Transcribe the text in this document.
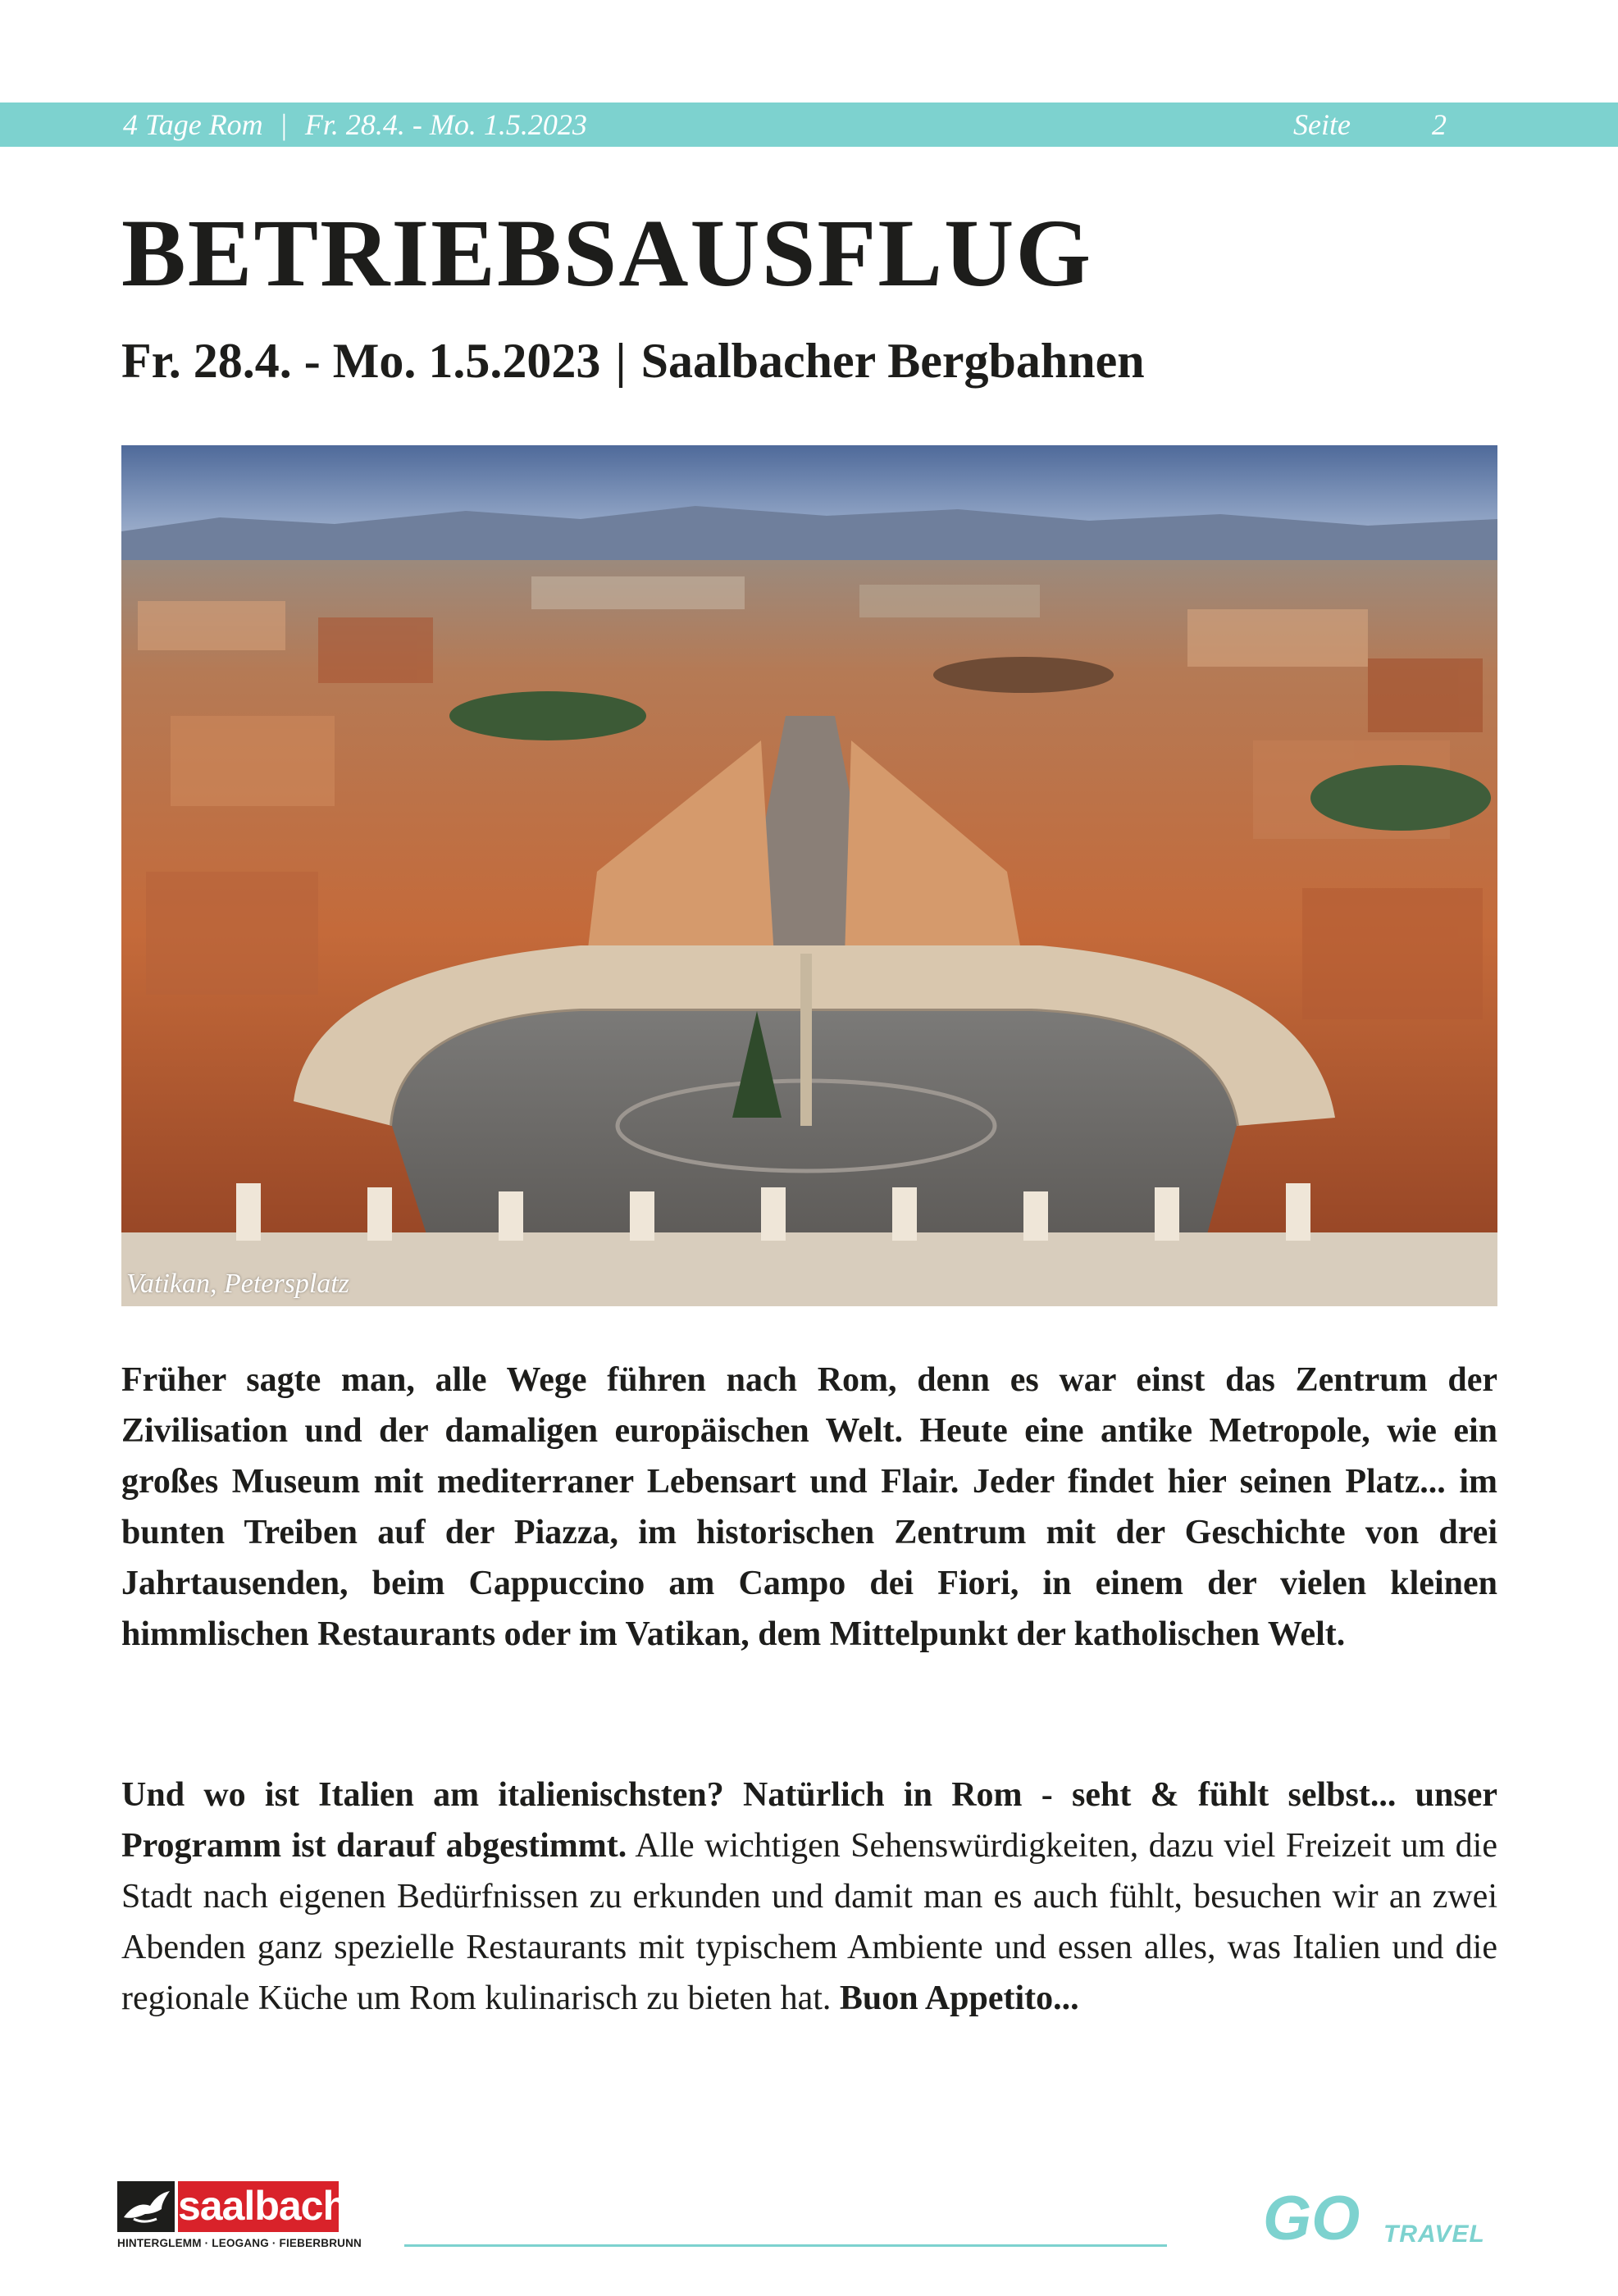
4 Tage Rom | Fr. 28.4. - Mo. 1.5.2023	Seite	2
BETRIEBSAUSFLUG
Fr. 28.4. - Mo. 1.5.2023 | Saalbacher Bergbahnen
Vatikan, Petersplatz

Früher sagte man, alle Wege führen nach Rom, denn es war einst das Zentrum der Zivilisation und der damaligen europäischen Welt. Heute eine antike Metropole, wie ein großes Museum mit mediterraner Lebensart und Flair. Jeder findet hier seinen Platz... im bunten Treiben auf der Piazza, im historischen Zentrum mit der Geschichte von drei Jahrtausenden, beim Cappuccino am Campo dei Fiori, in einem der vielen kleinen himmlischen Restaurants oder im Vatikan, dem Mittelpunkt der katholischen Welt.

Und wo ist Italien am italienischsten? Natürlich in Rom - seht & fühlt selbst... unser Programm ist darauf abgestimmt. Alle wichtigen Sehenswürdigkeiten, dazu viel Freizeit um die Stadt nach eigenen Bedürfnissen zu erkunden und damit man es auch fühlt, besuchen wir an zwei Abenden ganz spezielle Restaurants mit typischem Ambiente und essen alles, was Italien und die regionale Küche um Rom kulinarisch zu bieten hat. Buon Appetito...

saalbach
HINTERGLEMM · LEOGANG · FIEBERBRUNN	GO TRAVEL
